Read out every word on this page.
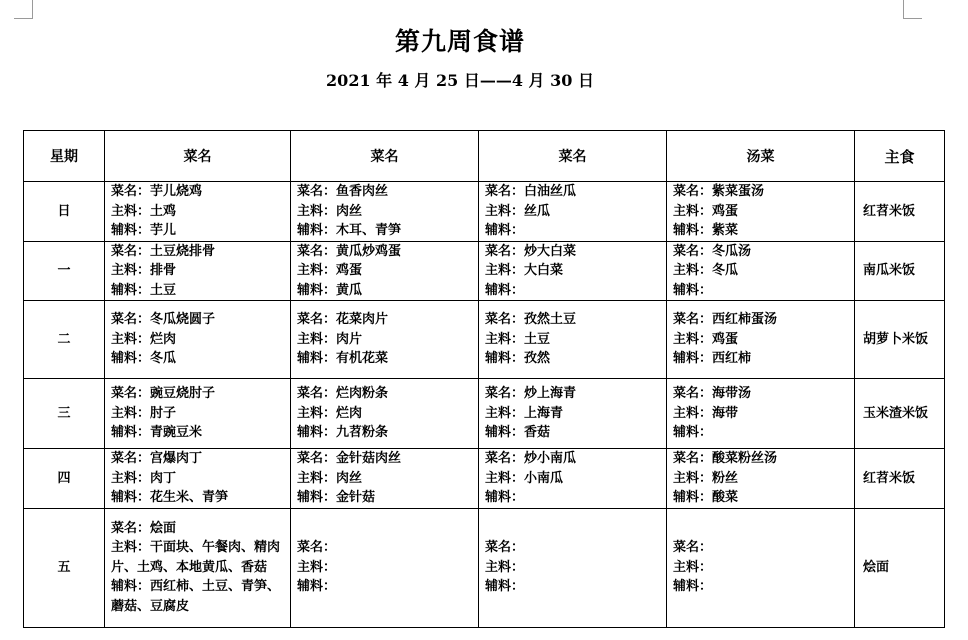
第九周食谱
2021 年 4 月 25 日——4 月 30 日
星期	菜名	菜名	菜名	汤菜	主食
日	菜名：芋儿烧鸡
主料：土鸡
辅料：芋儿	菜名：鱼香肉丝
主料：肉丝
辅料：木耳、青笋	菜名：白油丝瓜
主料：丝瓜
辅料：	菜名：紫菜蛋汤
主料：鸡蛋
辅料：紫菜	红苕米饭
一	菜名：土豆烧排骨
主料：排骨
辅料：土豆	菜名：黄瓜炒鸡蛋
主料：鸡蛋
辅料：黄瓜	菜名：炒大白菜
主料：大白菜
辅料：	菜名：冬瓜汤
主料：冬瓜
辅料：	南瓜米饭
二	菜名：冬瓜烧圆子
主料：烂肉
辅料：冬瓜	菜名：花菜肉片
主料：肉片
辅料：有机花菜	菜名：孜然土豆
主料：土豆
辅料：孜然	菜名：西红柿蛋汤
主料：鸡蛋
辅料：西红柿	胡萝卜米饭
三	菜名：豌豆烧肘子
主料：肘子
辅料：青豌豆米	菜名：烂肉粉条
主料：烂肉
辅料：九苕粉条	菜名：炒上海青
主料：上海青
辅料：香菇	菜名：海带汤
主料：海带
辅料：	玉米渣米饭
四	菜名：宫爆肉丁
主料：肉丁
辅料：花生米、青笋	菜名：金针菇肉丝
主料：肉丝
辅料：金针菇	菜名：炒小南瓜
主料：小南瓜
辅料：	菜名：酸菜粉丝汤
主料：粉丝
辅料：酸菜	红苕米饭
五	菜名：烩面
主料：干面块、午餐肉、精肉片、土鸡、本地黄瓜、香菇
辅料：西红柿、土豆、青笋、蘑菇、豆腐皮	菜名：
主料：
辅料：	菜名：
主料：
辅料：	菜名：
主料：
辅料：	烩面
